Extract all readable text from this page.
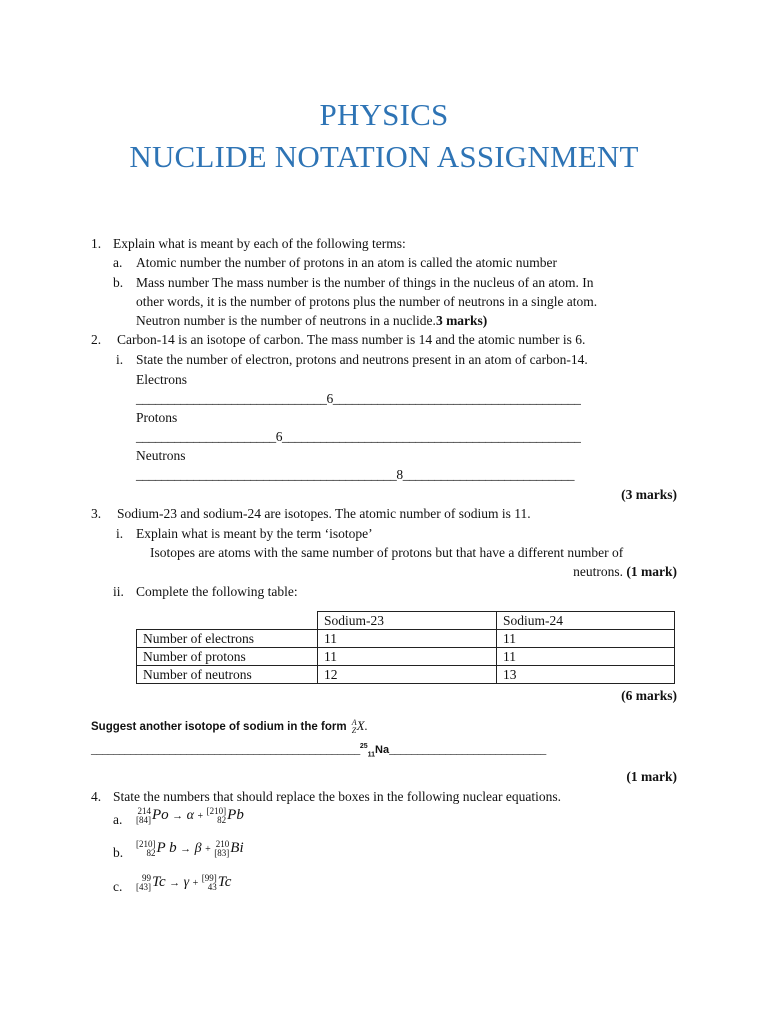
PHYSICS
NUCLIDE NOTATION ASSIGNMENT
1. Explain what is meant by each of the following terms:
a. Atomic number the number of protons in an atom is called the atomic number
b. Mass number The mass number is the number of things in the nucleus of an atom. In
other words, it is the number of protons plus the number of neutrons in a single atom.
Neutron number is the number of neutrons in a nuclide.3 marks)
2. Carbon-14 is an isotope of carbon. The mass number is 14 and the atomic number is 6.
i. State the number of electron, protons and neutrons present in an atom of carbon-14.
Electrons
______________________________6_______________________________________
Protons
______________________6_______________________________________________
Neutrons
_________________________________________8___________________________
(3 marks)
3. Sodium-23 and sodium-24 are isotopes. The atomic number of sodium is 11.
i. Explain what is meant by the term ‘isotope’
Isotopes are atoms with the same number of protons but that have a different number of
neutrons. (1 mark)
ii. Complete the following table:
	Sodium-23	Sodium-24
Number of electrons	11	11
Number of protons	11	11
Number of neutrons	12	13
(6 marks)
Suggest another isotope of sodium in the form A
Z X.
________________________________________________$^{25}_{11}$Na____________________________
(1 mark)
4. State the numbers that should replace the boxes in the following nuclear equations.
a.
214
[84] Po → α + [210]
82 Pb
b.
[210]
82 P b → β + 210
[83] Bi
c.
99
[43] Tc → γ + [99]
43 Tc
